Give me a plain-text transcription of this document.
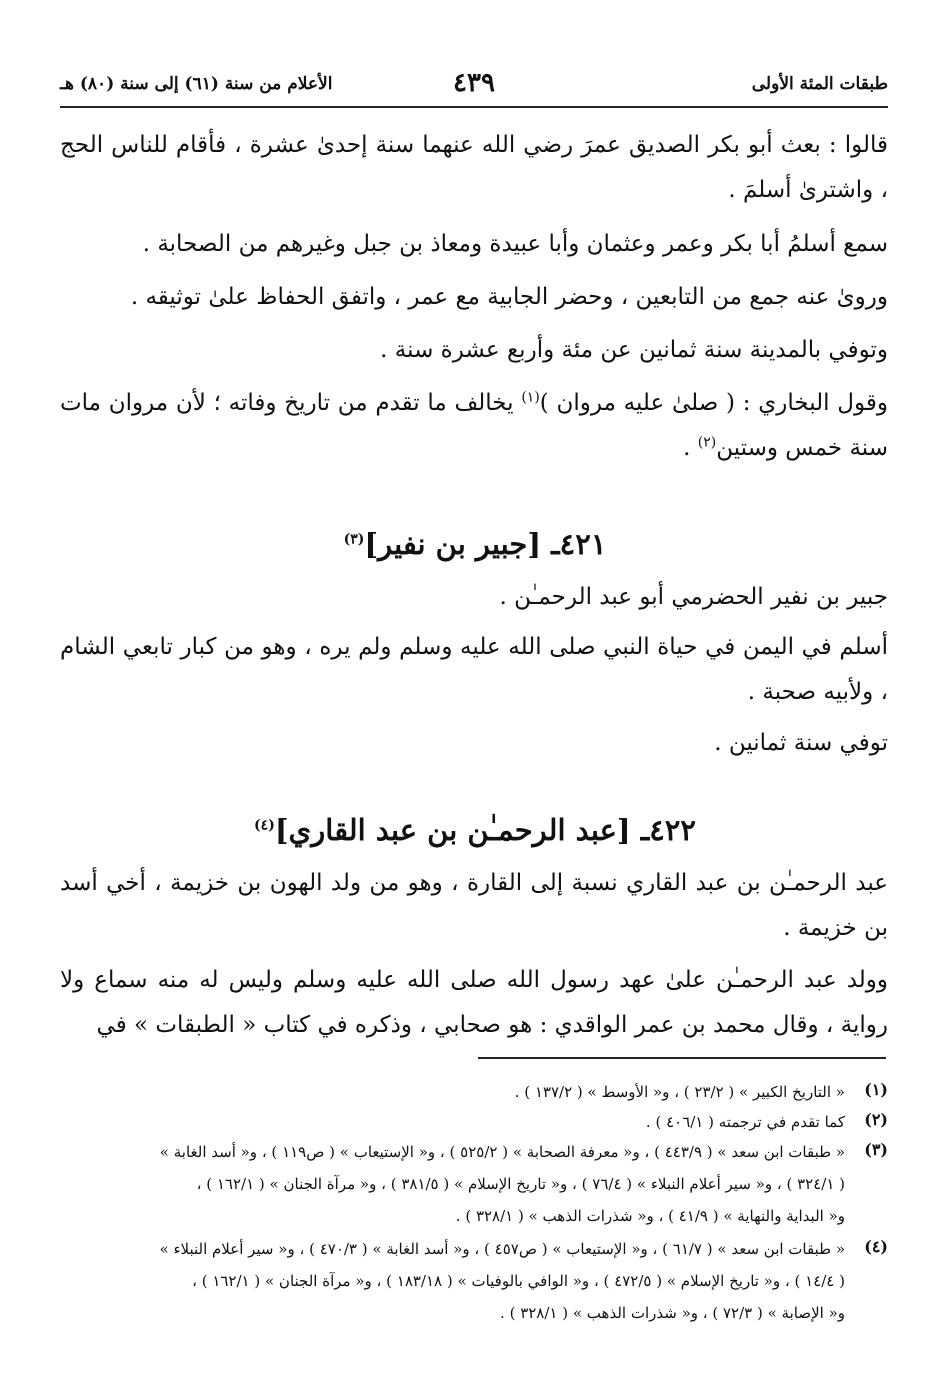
طبقات المئة الأولى
٤٣٩
الأعلام من سنة (٦١) إلى سنة (٨٠) هـ
قالوا : بعث أبو بكر الصديق عمرَ رضي الله عنهما سنة إحدىٰ عشرة ، فأقام للناس الحج ، واشترىٰ أسلمَ .
سمع أسلمُ أبا بكر وعمر وعثمان وأبا عبيدة ومعاذ بن جبل وغيرهم من الصحابة .
وروىٰ عنه جمع من التابعين ، وحضر الجابية مع عمر ، واتفق الحفاظ علىٰ توثيقه .
وتوفي بالمدينة سنة ثمانين عن مئة وأربع عشرة سنة .
وقول البخاري : ( صلىٰ عليه مروان )$^{(١)}$ يخالف ما تقدم من تاريخ وفاته ؛ لأن مروان مات سنة خمس وستين$^{(٢)}$ .
٤٢١ـ [جبير بن نفير]$^{(٣)}$
جبير بن نفير الحضرمي أبو عبد الرحمـٰن .
أسلم في اليمن في حياة النبي صلى الله عليه وسلم ولم يره ، وهو من كبار تابعي الشام ، ولأبيه صحبة .
توفي سنة ثمانين .
٤٢٢ـ [عبد الرحمـٰن بن عبد القاري]$^{(٤)}$
عبد الرحمـٰن بن عبد القاري نسبة إلى القارة ، وهو من ولد الهون بن خزيمة ، أخي أسد بن خزيمة .
وولد عبد الرحمـٰن علىٰ عهد رسول الله صلى الله عليه وسلم وليس له منه سماع ولا رواية ، وقال محمد بن عمر الواقدي : هو صحابي ، وذكره في كتاب « الطبقات » في
(١)
« التاريخ الكبير » ( ٢٣/٢ ) ، و« الأوسط » ( ١٣٧/٢ ) .
(٢)
كما تقدم في ترجمته ( ٤٠٦/١ ) .
(٣)
« طبقات ابن سعد » ( ٤٤٣/٩ ) ، و« معرفة الصحابة » ( ٥٢٥/٢ ) ، و« الإستيعاب » ( ص١١٩ ) ، و« أسد الغابة »
( ٣٢٤/١ ) ، و« سير أعلام النبلاء » ( ٧٦/٤ ) ، و« تاريخ الإسلام » ( ٣٨١/٥ ) ، و« مرآة الجنان » ( ١٦٢/١ ) ،
و« البداية والنهاية » ( ٤١/٩ ) ، و« شذرات الذهب » ( ٣٢٨/١ ) .
(٤)
« طبقات ابن سعد » ( ٦١/٧ ) ، و« الإستيعاب » ( ص٤٥٧ ) ، و« أسد الغابة » ( ٤٧٠/٣ ) ، و« سير أعلام النبلاء »
( ١٤/٤ ) ، و« تاريخ الإسلام » ( ٤٧٢/٥ ) ، و« الوافي بالوفيات » ( ١٨٣/١٨ ) ، و« مرآة الجنان » ( ١٦٢/١ ) ،
و« الإصابة » ( ٧٢/٣ ) ، و« شذرات الذهب » ( ٣٢٨/١ ) .
